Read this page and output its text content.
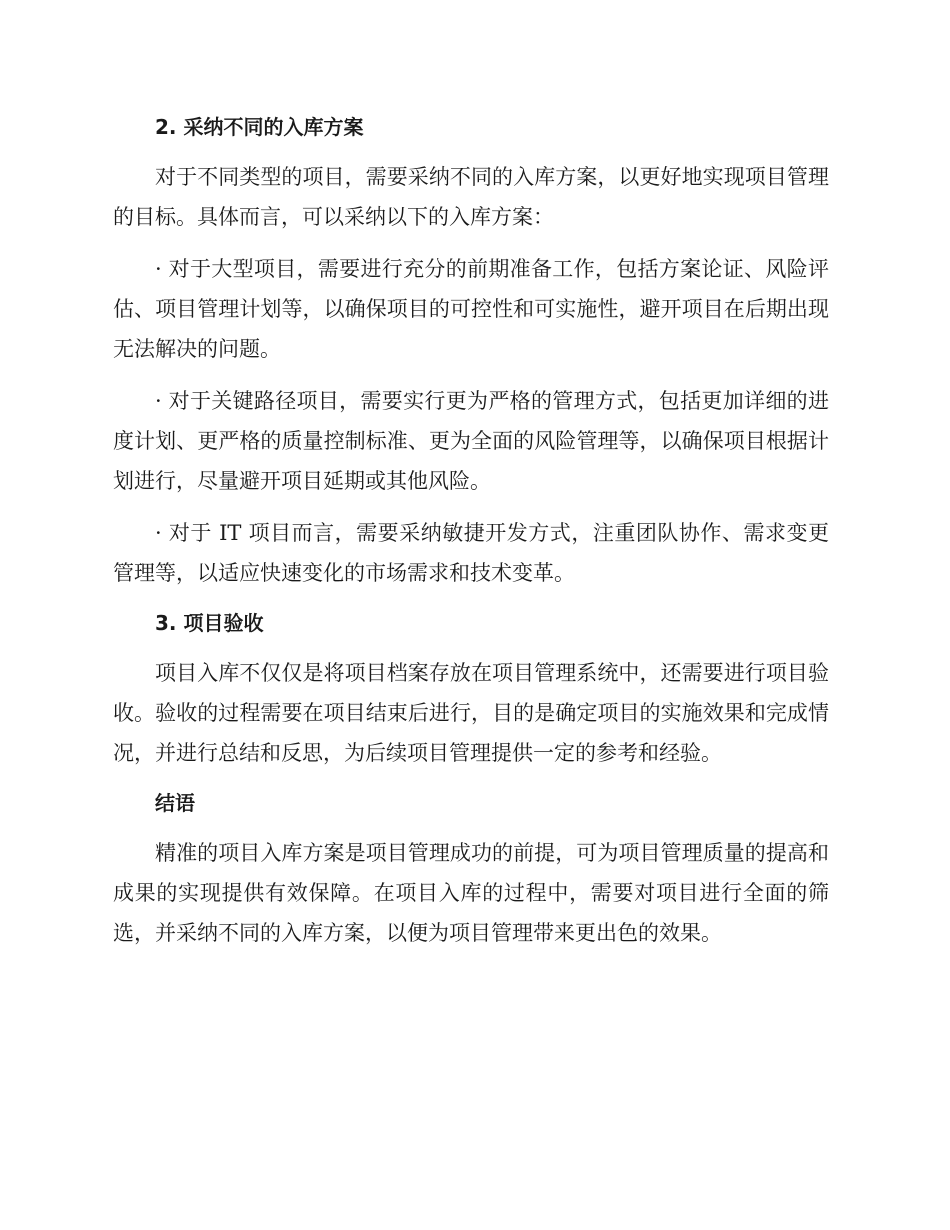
2. 采纳不同的入库方案

对于不同类型的项目，需要采纳不同的入库方案，以更好地实现项目管理的目标。具体而言，可以采纳以下的入库方案：

· 对于大型项目，需要进行充分的前期准备工作，包括方案论证、风险评估、项目管理计划等，以确保项目的可控性和可实施性，避开项目在后期出现无法解决的问题。

· 对于关键路径项目，需要实行更为严格的管理方式，包括更加详细的进度计划、更严格的质量控制标准、更为全面的风险管理等，以确保项目根据计划进行，尽量避开项目延期或其他风险。

· 对于 IT 项目而言，需要采纳敏捷开发方式，注重团队协作、需求变更管理等，以适应快速变化的市场需求和技术变革。

3. 项目验收

项目入库不仅仅是将项目档案存放在项目管理系统中，还需要进行项目验收。验收的过程需要在项目结束后进行，目的是确定项目的实施效果和完成情况，并进行总结和反思，为后续项目管理提供一定的参考和经验。

结语

精准的项目入库方案是项目管理成功的前提，可为项目管理质量的提高和成果的实现提供有效保障。在项目入库的过程中，需要对项目进行全面的筛选，并采纳不同的入库方案，以便为项目管理带来更出色的效果。
